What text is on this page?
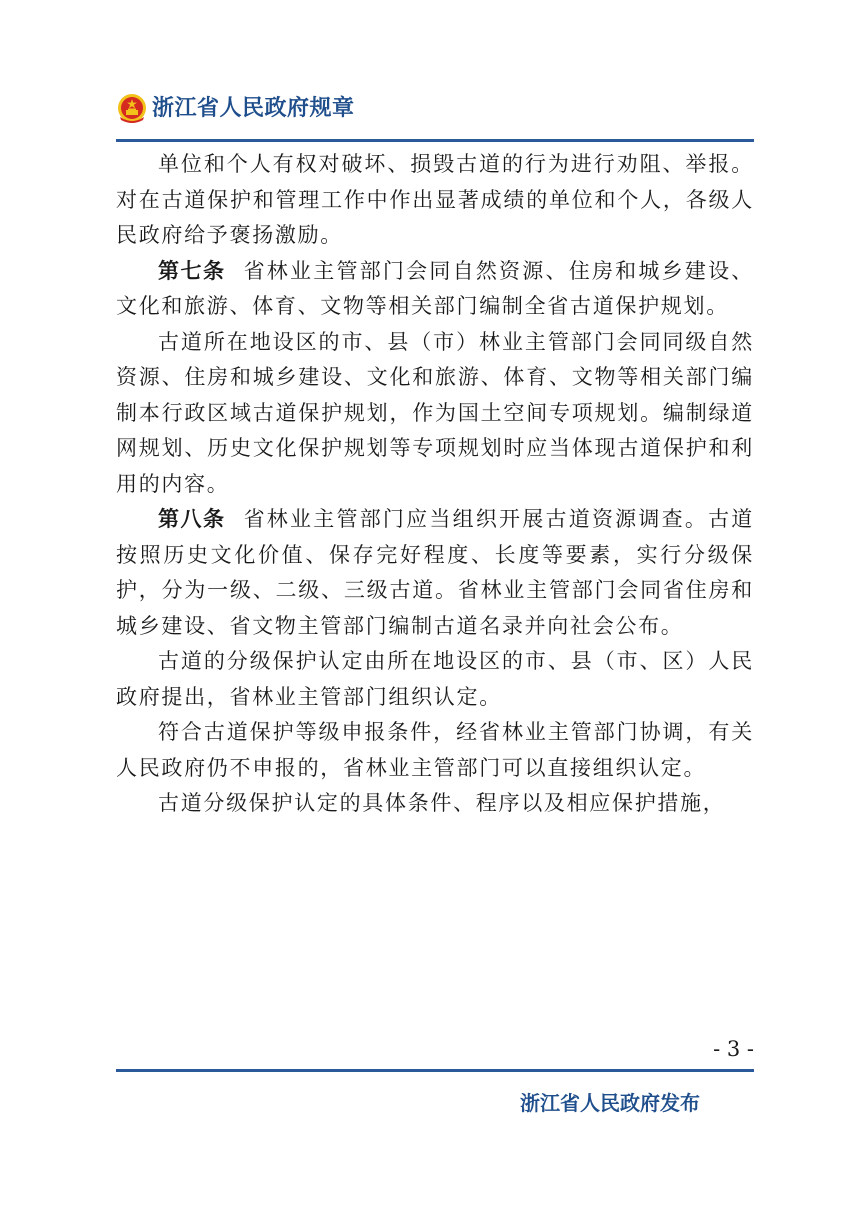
浙江省人民政府规章

单位和个人有权对破坏、损毁古道的行为进行劝阻、举报。对在古道保护和管理工作中作出显著成绩的单位和个人，各级人民政府给予褒扬激励。

第七条 省林业主管部门会同自然资源、住房和城乡建设、文化和旅游、体育、文物等相关部门编制全省古道保护规划。

古道所在地设区的市、县（市）林业主管部门会同同级自然资源、住房和城乡建设、文化和旅游、体育、文物等相关部门编制本行政区域古道保护规划，作为国土空间专项规划。编制绿道网规划、历史文化保护规划等专项规划时应当体现古道保护和利用的内容。

第八条 省林业主管部门应当组织开展古道资源调查。古道按照历史文化价值、保存完好程度、长度等要素，实行分级保护，分为一级、二级、三级古道。省林业主管部门会同省住房和城乡建设、省文物主管部门编制古道名录并向社会公布。

古道的分级保护认定由所在地设区的市、县（市、区）人民政府提出，省林业主管部门组织认定。

符合古道保护等级申报条件，经省林业主管部门协调，有关人民政府仍不申报的，省林业主管部门可以直接组织认定。

古道分级保护认定的具体条件、程序以及相应保护措施，

- 3 -
浙江省人民政府发布
